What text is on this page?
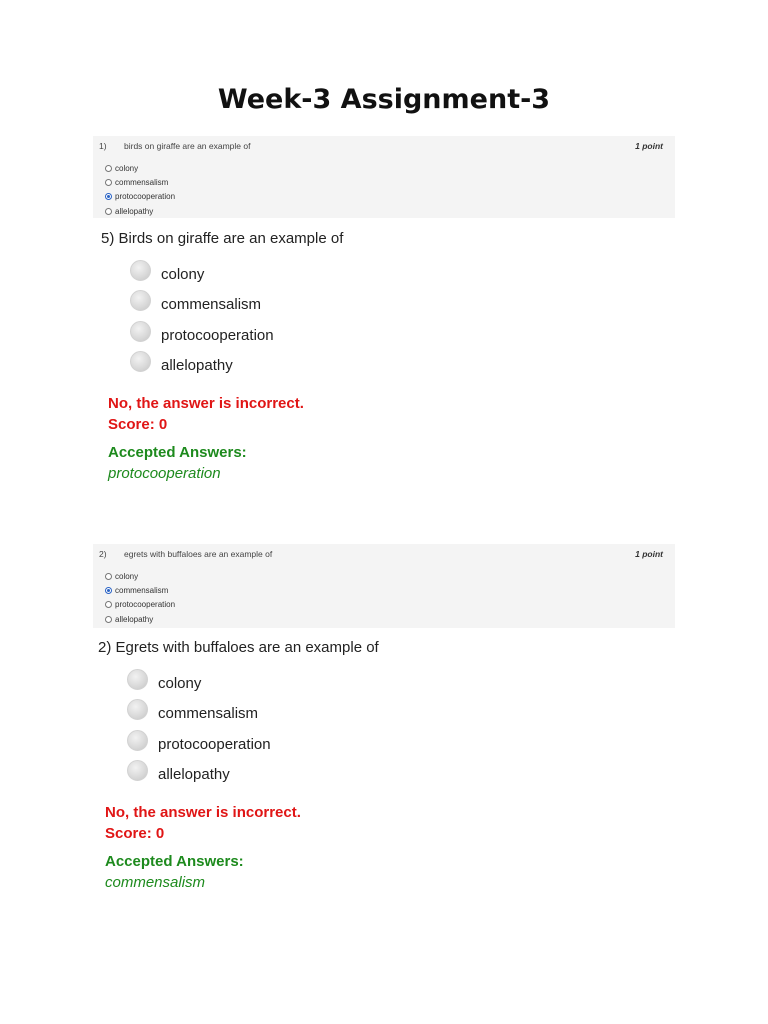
Week-3 Assignment-3
1) birds on giraffe are an example of	1 point
colony
commensalism
protocooperation
allelopathy
5) Birds on giraffe are an example of
colony
commensalism
protocooperation
allelopathy
No, the answer is incorrect.
Score: 0
Accepted Answers:
protocooperation
2) egrets with buffaloes are an example of	1 point
colony
commensalism
protocooperation
allelopathy
2) Egrets with buffaloes are an example of
colony
commensalism
protocooperation
allelopathy
No, the answer is incorrect.
Score: 0
Accepted Answers:
commensalism
